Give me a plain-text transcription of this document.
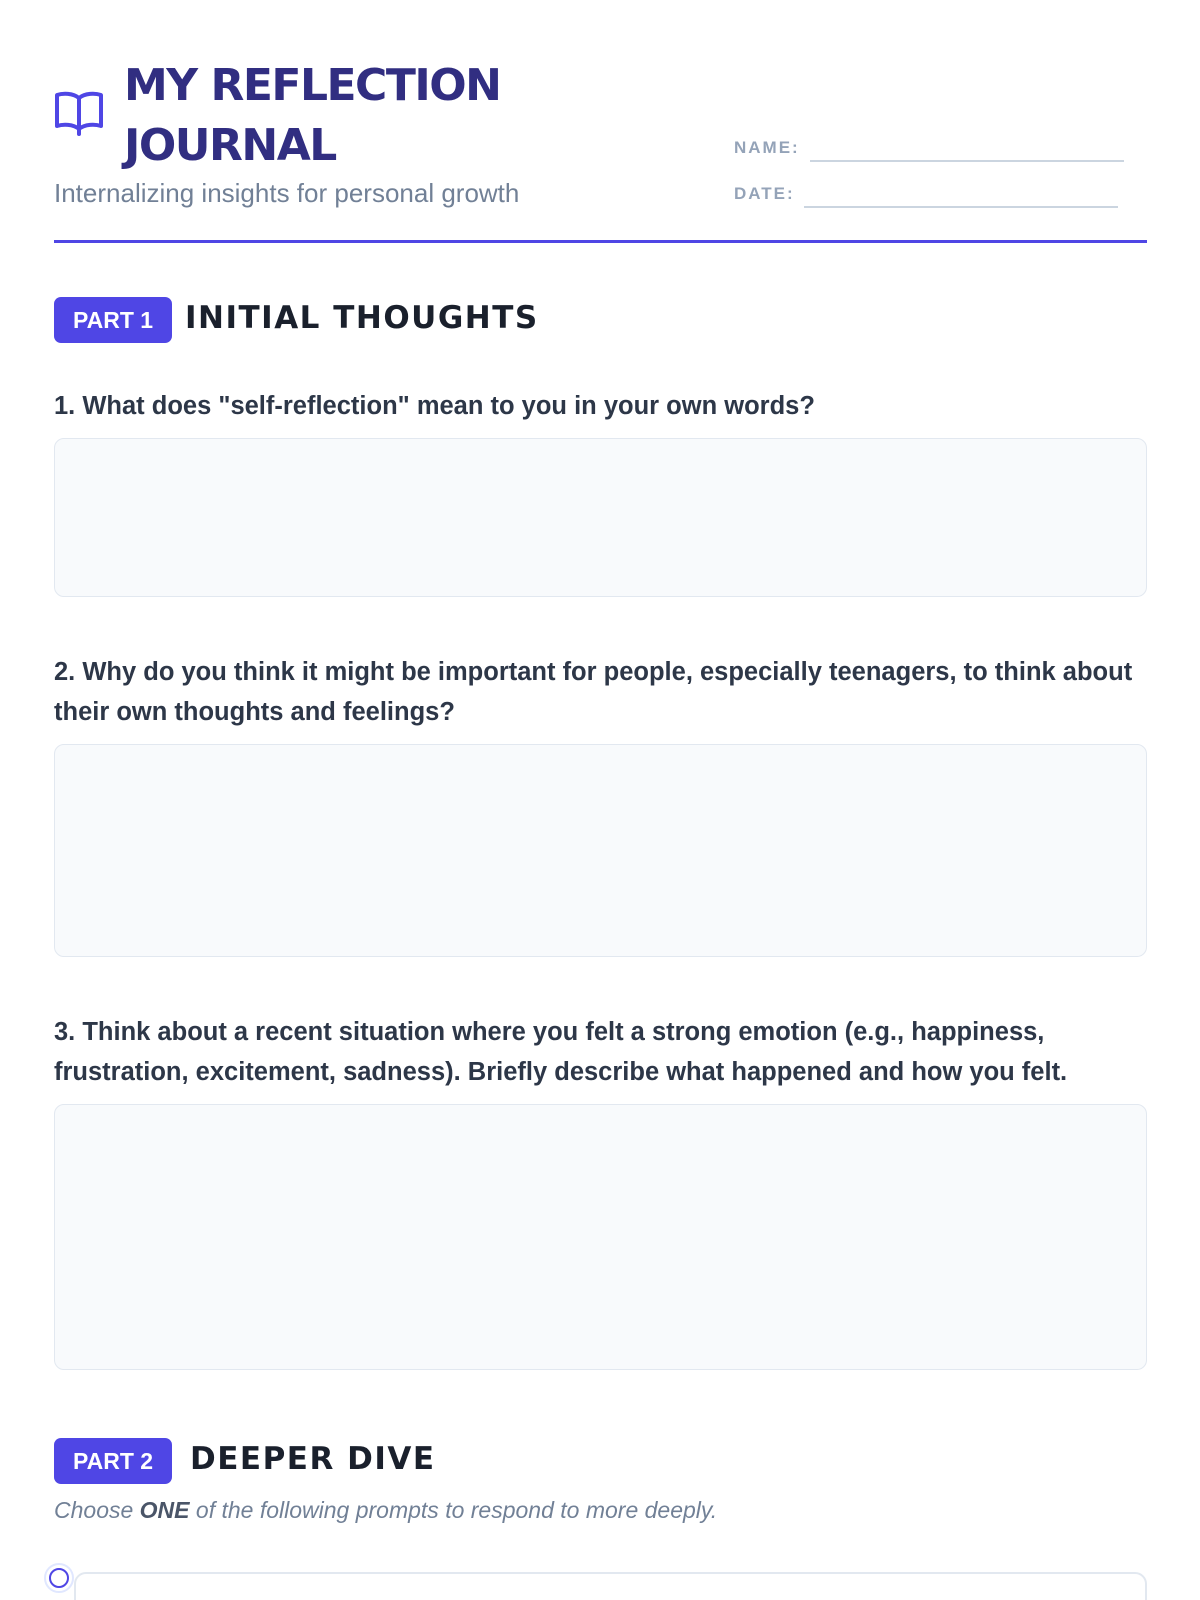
MY REFLECTION
JOURNAL
Internalizing insights for personal growth
NAME:
DATE:
PART 1	INITIAL THOUGHTS
1. What does "self-reflection" mean to you in your own words?
2. Why do you think it might be important for people, especially teenagers, to think about their own thoughts and feelings?
3. Think about a recent situation where you felt a strong emotion (e.g., happiness, frustration, excitement, sadness). Briefly describe what happened and how you felt.
PART 2	DEEPER DIVE
Choose ONE of the following prompts to respond to more deeply.
